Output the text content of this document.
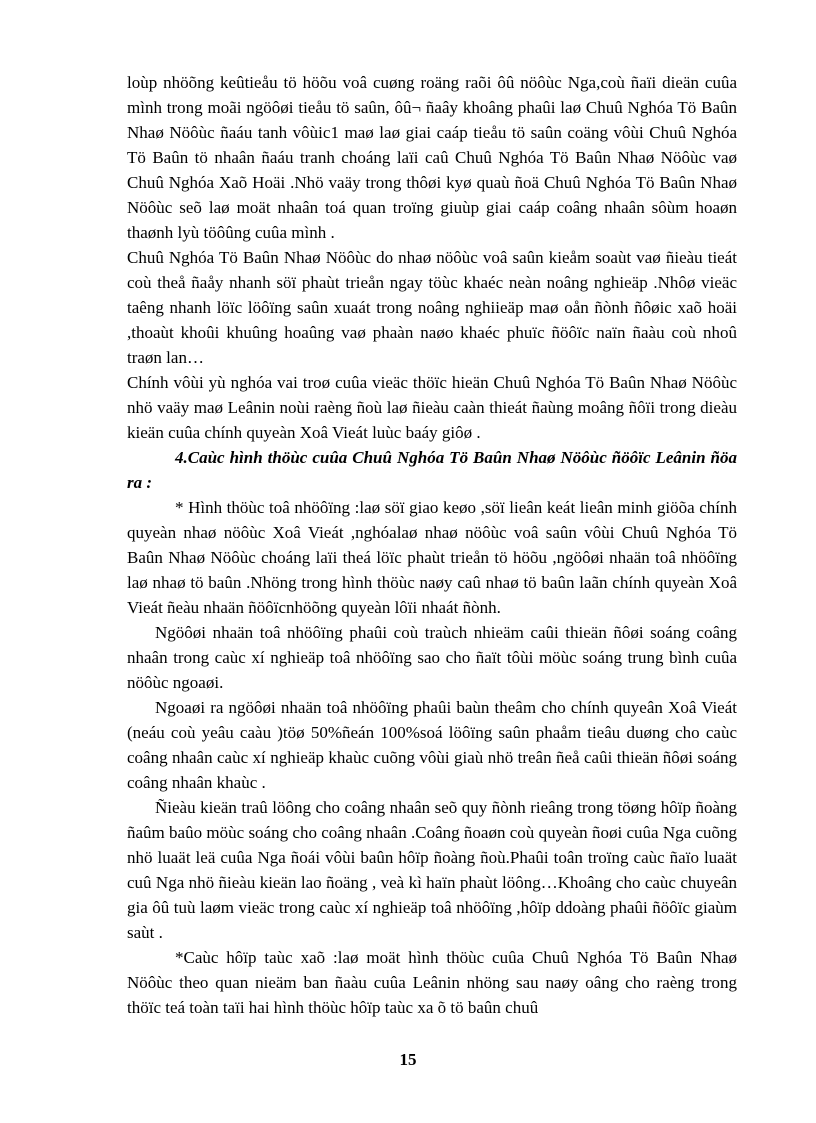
loùp nhöõng keûtieåu tö höõu voâ cuøng roäng raõi ôû nöôùc Nga,coù ñaïi dieän cuûa mình trong moãi ngöôøi tieåu tö saûn, ôû¬ ñaây khoâng phaûi laø Chuû Nghóa Tö Baûn Nhaø Nöôùc ñaáu tanh vôùic1 maø laø giai caáp tieåu tö saûn coäng vôùi Chuû Nghóa Tö Baûn tö nhaân ñaáu tranh choáng laïi caû Chuû Nghóa Tö Baûn Nhaø Nöôùc vaø Chuû Nghóa Xaõ Hoäi .Nhö vaäy trong thôøi kyø quaù ñoä Chuû Nghóa Tö Baûn Nhaø Nöôùc seõ laø moät nhaân toá quan troïng giuùp giai caáp coâng nhaân sôùm hoaøn thaønh lyù töôûng cuûa mình .

Chuû Nghóa Tö Baûn Nhaø Nöôùc do nhaø nöôùc voâ saûn kieåm soaùt vaø ñieàu tieát coù theå ñaåy nhanh söï phaùt trieån ngay töùc khaéc neàn noâng nghieäp .Nhôø vieäc taêng nhanh löïc löôïng saûn xuaát trong noâng nghiieäp maø oån ñònh ñôøic xaõ hoäi ,thoaùt khoûi khuûng hoaûng vaø phaàn naøo khaéc phuïc ñöôïc naïn ñaàu coù nhoû traøn lan…

Chính vôùi yù nghóa vai troø cuûa vieäc thöïc hieän Chuû Nghóa Tö Baûn Nhaø Nöôùc nhö vaäy maø Leânin noùi raèng ñoù laø ñieàu caàn thieát ñaùng moâng ñôïi trong dieàu kieän cuûa chính quyeàn Xoâ Vieát luùc baáy giôø .

4.Caùc hình thöùc cuûa Chuû Nghóa Tö Baûn Nhaø Nöôùc ñöôïc Leânin ñöa ra :

* Hình thöùc toâ nhöôïng :laø söï giao keøo ,söï lieân keát lieân minh giöõa chính quyeàn nhaø nöôùc Xoâ Vieát ,nghóalaø nhaø nöôùc voâ saûn vôùi Chuû Nghóa Tö Baûn Nhaø Nöôùc choáng laïi theá löïc phaùt trieån tö höõu ,ngöôøi nhaän toâ nhöôïng laø nhaø tö baûn .Nhöng trong hình thöùc naøy caû nhaø tö baûn laãn chính quyeàn Xoâ Vieát ñeàu nhaän ñöôïcnhöõng quyeàn lôïi nhaát ñònh.

Ngöôøi nhaän toâ nhöôïng phaûi coù traùch nhieäm caûi thieän ñôøi soáng coâng nhaân trong caùc xí nghieäp toâ nhöôïng sao cho ñaït tôùi möùc soáng trung bình cuûa nöôùc ngoaøi.

Ngoaøi ra ngöôøi nhaän toâ nhöôïng phaûi baùn theâm cho chính quyeân Xoâ Vieát (neáu coù yeâu caàu )töø 50%ñeán 100%soá löôïng saûn phaåm tieâu duøng cho caùc coâng nhaân caùc xí nghieäp khaùc cuõng vôùi giaù nhö treân ñeå caûi thieän ñôøi soáng coâng nhaân khaùc .

Ñieàu kieän traû löông cho coâng nhaân seõ quy ñònh rieâng trong töøng hôïp ñoàng ñaûm baûo möùc soáng cho coâng nhaân .Coâng ñoaøn coù quyeàn ñoøi cuûa Nga cuõng nhö luaät leä cuûa Nga ñoái vôùi baûn hôïp ñoàng ñoù.Phaûi toân troïng caùc ñaïo luaät cuû Nga nhö ñieàu kieän lao ñoäng , veà kì haïn phaùt löông…Khoâng cho caùc chuyeân gia ôû tuù laøm vieäc trong caùc xí nghieäp toâ nhöôïng ,hôïp ddoàng phaûi ñöôïc giaùm saùt .

*Caùc hôïp taùc xaõ :laø moät hình thöùc cuûa Chuû Nghóa Tö Baûn Nhaø Nöôùc theo quan nieäm ban ñaàu cuûa Leânin nhöng sau naøy oâng cho raèng trong thöïc teá toàn taïi hai hình thöùc hôïp taùc xa õ tö baûn chuû

15
